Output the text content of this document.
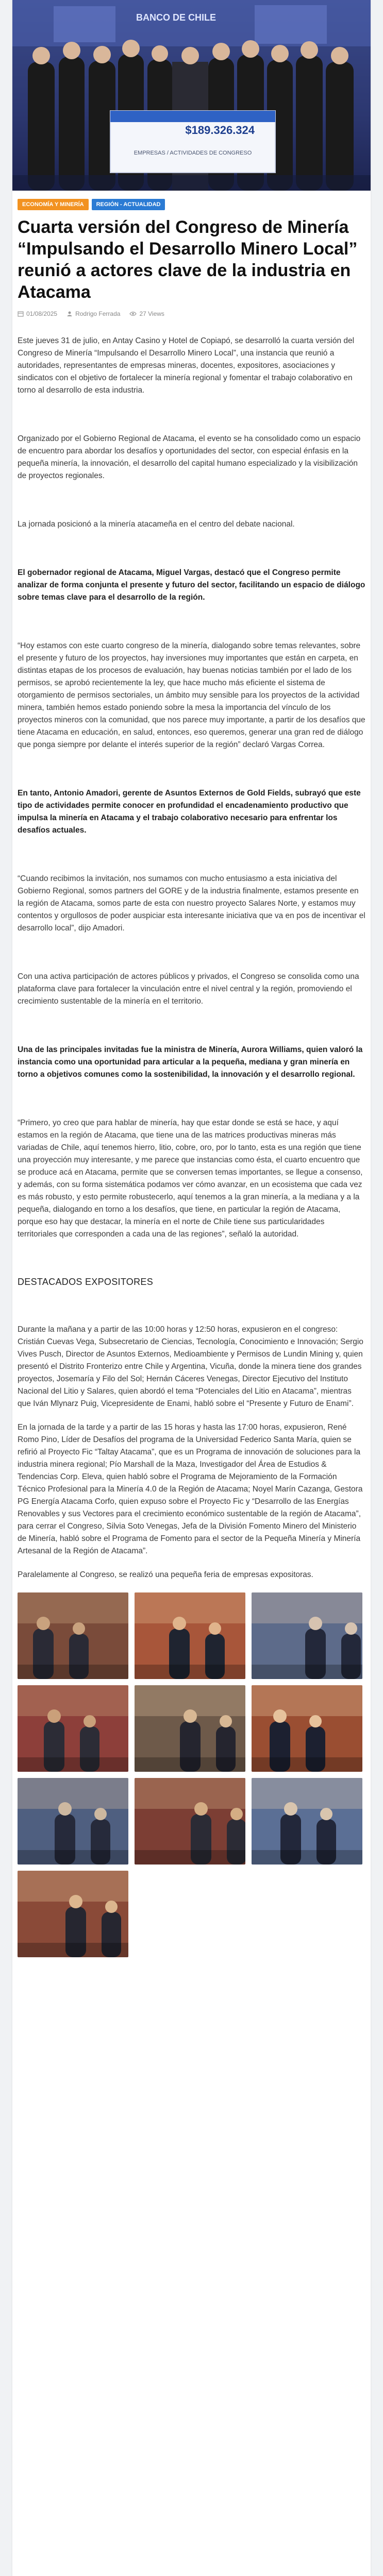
BANCO DE CHILE
$189.326.324
EMPRESAS / ACTIVIDADES DE CONGRESO
ECONOMÍA Y MINERÍA	REGIÓN - ACTUALIDAD
Cuarta versión del Congreso de Minería “Impulsando el Desarrollo Minero Local” reunió a actores clave de la industria en Atacama
01/08/2025	Rodrigo Ferrada	27 Views

Este jueves 31 de julio, en Antay Casino y Hotel de Copiapó, se desarrolló la cuarta versión del Congreso de Minería “Impulsando el Desarrollo Minero Local”, una instancia que reunió a autoridades, representantes de empresas mineras, docentes, expositores, asociaciones y sindicatos con el objetivo de fortalecer la minería regional y fomentar el trabajo colaborativo en torno al desarrollo de esta industria.

Organizado por el Gobierno Regional de Atacama, el evento se ha consolidado como un espacio de encuentro para abordar los desafíos y oportunidades del sector, con especial énfasis en la pequeña minería, la innovación, el desarrollo del capital humano especializado y la visibilización de proyectos regionales.

La jornada posicionó a la minería atacameña en el centro del debate nacional.

El gobernador regional de Atacama, Miguel Vargas, destacó que el Congreso permite analizar de forma conjunta el presente y futuro del sector, facilitando un espacio de diálogo sobre temas clave para el desarrollo de la región.

“Hoy estamos con este cuarto congreso de la minería, dialogando sobre temas relevantes, sobre el presente y futuro de los proyectos, hay inversiones muy importantes que están en carpeta, en distintas etapas de los procesos de evaluación, hay buenas noticias también por el lado de los permisos, se aprobó recientemente la ley, que hace mucho más eficiente el sistema de otorgamiento de permisos sectoriales, un ámbito muy sensible para los proyectos de la actividad minera, también hemos estado poniendo sobre la mesa la importancia del vínculo de los proyectos mineros con la comunidad, que nos parece muy importante, a partir de los desafíos que tiene Atacama en educación, en salud, entonces, eso queremos, generar una gran red de diálogo que ponga siempre por delante el interés superior de la región” declaró Vargas Correa.

En tanto, Antonio Amadori, gerente de Asuntos Externos de Gold Fields, subrayó que este tipo de actividades permite conocer en profundidad el encadenamiento productivo que impulsa la minería en Atacama y el trabajo colaborativo necesario para enfrentar los desafíos actuales.

“Cuando recibimos la invitación, nos sumamos con mucho entusiasmo a esta iniciativa del Gobierno Regional, somos partners del GORE y de la industria finalmente, estamos presente en la región de Atacama, somos parte de esta con nuestro proyecto Salares Norte, y estamos muy contentos y orgullosos de poder auspiciar esta interesante iniciativa que va en pos de incentivar el desarrollo local”, dijo Amadori.

Con una activa participación de actores públicos y privados, el Congreso se consolida como una plataforma clave para fortalecer la vinculación entre el nivel central y la región, promoviendo el crecimiento sustentable de la minería en el territorio.

Una de las principales invitadas fue la ministra de Minería, Aurora Williams, quien valoró la instancia como una oportunidad para articular a la pequeña, mediana y gran minería en torno a objetivos comunes como la sostenibilidad, la innovación y el desarrollo regional.

“Primero, yo creo que para hablar de minería, hay que estar donde se está se hace, y aquí estamos en la región de Atacama, que tiene una de las matrices productivas mineras más variadas de Chile, aquí tenemos hierro, litio, cobre, oro, por lo tanto, esta es una región que tiene una proyección muy interesante, y me parece que instancias como ésta, el cuarto encuentro que se produce acá en Atacama, permite que se conversen temas importantes, se llegue a consenso, y además, con su forma sistemática podamos ver cómo avanzar, en un ecosistema que cada vez es más robusto, y esto permite robustecerlo, aquí tenemos a la gran minería, a la mediana y a la pequeña, dialogando en torno a los desafíos, que tiene, en particular la región de Atacama, porque eso hay que destacar, la minería en el norte de Chile tiene sus particularidades territoriales que corresponden a cada una de las regiones”, señaló la autoridad.

DESTACADOS EXPOSITORES

Durante la mañana y a partir de las 10:00 horas y 12:50 horas, expusieron en el congreso: Cristián Cuevas Vega, Subsecretario de Ciencias, Tecnología, Conocimiento e Innovación; Sergio Vives Pusch, Director de Asuntos Externos, Medioambiente y Permisos de Lundin Mining y, quien presentó el Distrito Fronterizo entre Chile y Argentina, Vicuña, donde la minera tiene dos grandes proyectos, Josemaría y Filo del Sol; Hernán Cáceres Venegas, Director Ejecutivo del Instituto Nacional del Litio y Salares, quien abordó el tema “Potenciales del Litio en Atacama”, mientras que Iván Mlynarz Puig, Vicepresidente de Enami, habló sobre el “Presente y Futuro de Enami”.

En la jornada de la tarde y a partir de las 15 horas y hasta las 17:00 horas, expusieron, René Romo Pino, Líder de Desafíos del programa de la Universidad Federico Santa María, quien se refirió al Proyecto Fic “Taltay Atacama”, que es un Programa de innovación de soluciones para la industria minera regional; Pío Marshall de la Maza, Investigador del Área de Estudios & Tendencias Corp. Eleva, quien habló sobre el Programa de Mejoramiento de la Formación Técnico Profesional para la Minería 4.0 de la Región de Atacama; Noyel Marín Cazanga, Gestora PG Energía Atacama Corfo, quien expuso sobre el Proyecto Fic y “Desarrollo de las Energías Renovables y sus Vectores para el crecimiento económico sustentable de la región de Atacama”, para cerrar el Congreso, Silvia Soto Venegas, Jefa de la División Fomento Minero del Ministerio de Minería, habló sobre el Programa de Fomento para el sector de la Pequeña Minería y Minería Artesanal de la Región de Atacama”.

Paralelamente al Congreso, se realizó una pequeña feria de empresas expositoras.
